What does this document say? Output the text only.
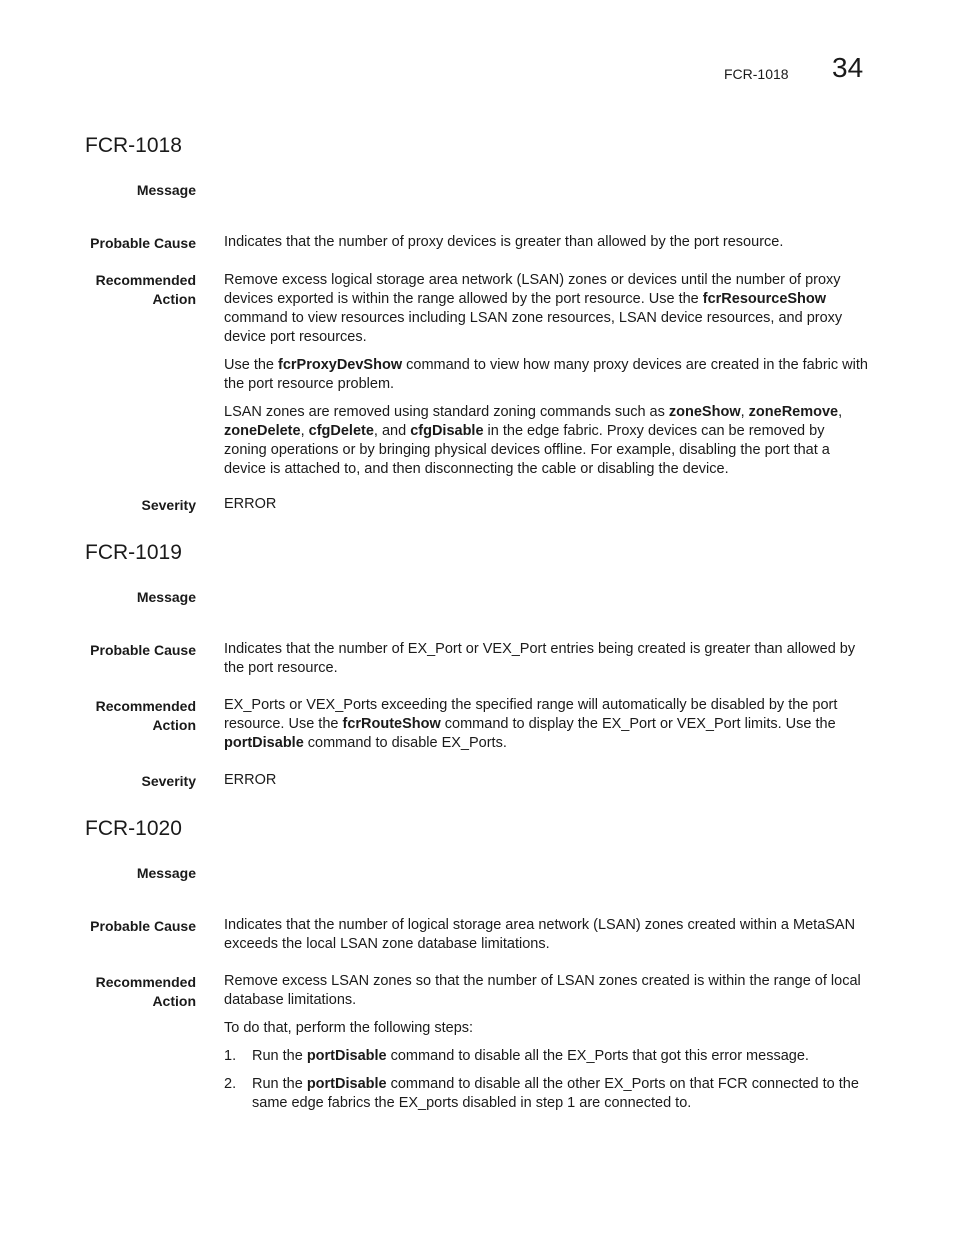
FCR-1018 34
FCR-1018
Message
Probable Cause Indicates that the number of proxy devices is greater than allowed by the port resource.

Recommended
Action

Remove excess logical storage area network (LSAN) zones or devices until the number of proxy devices exported is within the range allowed by the port resource. Use the fcrResourceShow command to view resources including LSAN zone resources, LSAN device resources, and proxy device port resources.

Use the fcrProxyDevShow command to view how many proxy devices are created in the fabric with the port resource problem.

LSAN zones are removed using standard zoning commands such as zoneShow, zoneRemove, zoneDelete, cfgDelete, and cfgDisable in the edge fabric. Proxy devices can be removed by zoning operations or by bringing physical devices offline. For example, disabling the port that a device is attached to, and then disconnecting the cable or disabling the device.

Severity ERROR
FCR-1019
Message
Probable Cause Indicates that the number of EX_Port or VEX_Port entries being created is greater than allowed by the port resource.

Recommended
Action

EX_Ports or VEX_Ports exceeding the specified range will automatically be disabled by the port resource. Use the fcrRouteShow command to display the EX_Port or VEX_Port limits. Use the portDisable command to disable EX_Ports.

Severity ERROR
FCR-1020
Message
Probable Cause Indicates that the number of logical storage area network (LSAN) zones created within a MetaSAN exceeds the local LSAN zone database limitations.

Recommended
Action

Remove excess LSAN zones so that the number of LSAN zones created is within the range of local database limitations.

To do that, perform the following steps:

1. Run the portDisable command to disable all the EX_Ports that got this error message.
2. Run the portDisable command to disable all the other EX_Ports on that FCR connected to the same edge fabrics the EX_ports disabled in step 1 are connected to.
